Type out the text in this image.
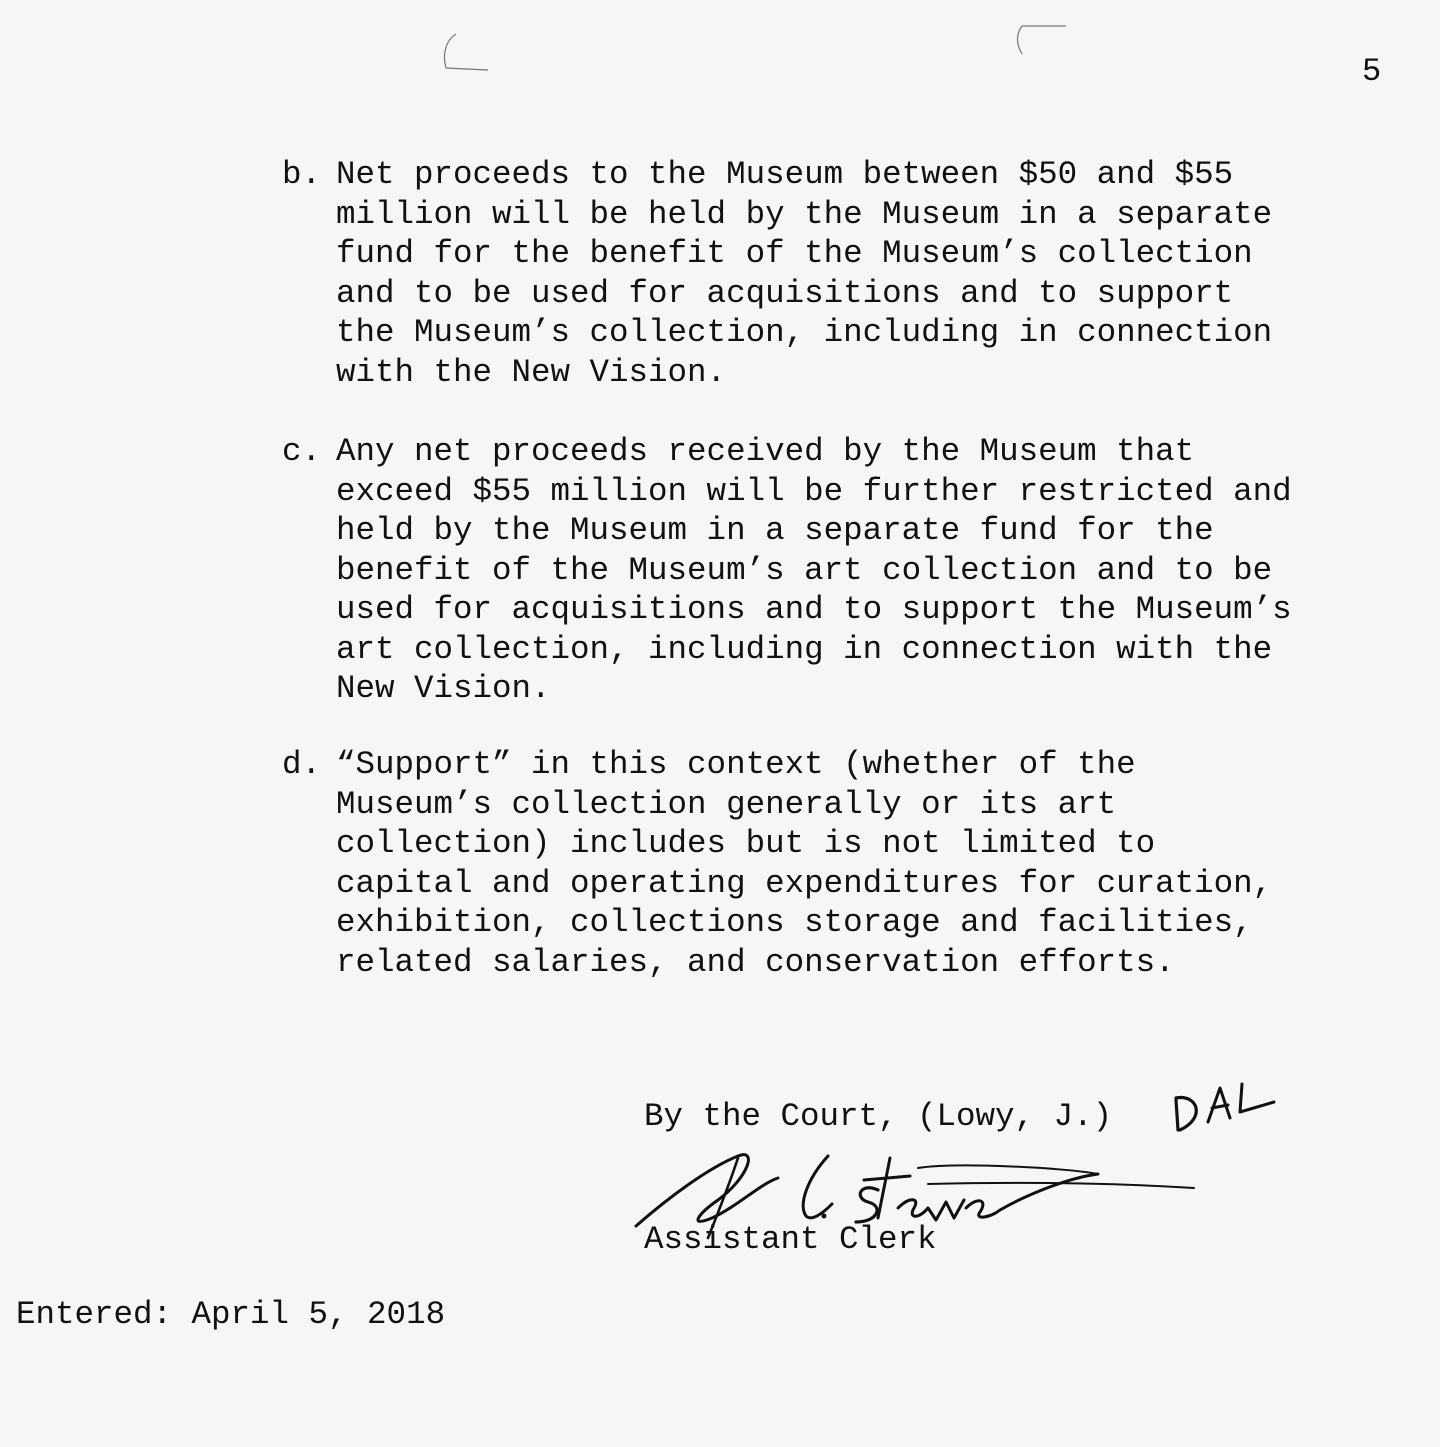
5
b. Net proceeds to the Museum between $50 and $55
million will be held by the Museum in a separate
fund for the benefit of the Museum’s collection
and to be used for acquisitions and to support
the Museum’s collection, including in connection
with the New Vision.
c. Any net proceeds received by the Museum that
exceed $55 million will be further restricted and
held by the Museum in a separate fund for the
benefit of the Museum’s art collection and to be
used for acquisitions and to support the Museum’s
art collection, including in connection with the
New Vision.
d. “Support” in this context (whether of the
Museum’s collection generally or its art
collection) includes but is not limited to
capital and operating expenditures for curation,
exhibition, collections storage and facilities,
related salaries, and conservation efforts.
By the Court, (Lowy, J.)
Assistant Clerk
Entered: April 5, 2018
